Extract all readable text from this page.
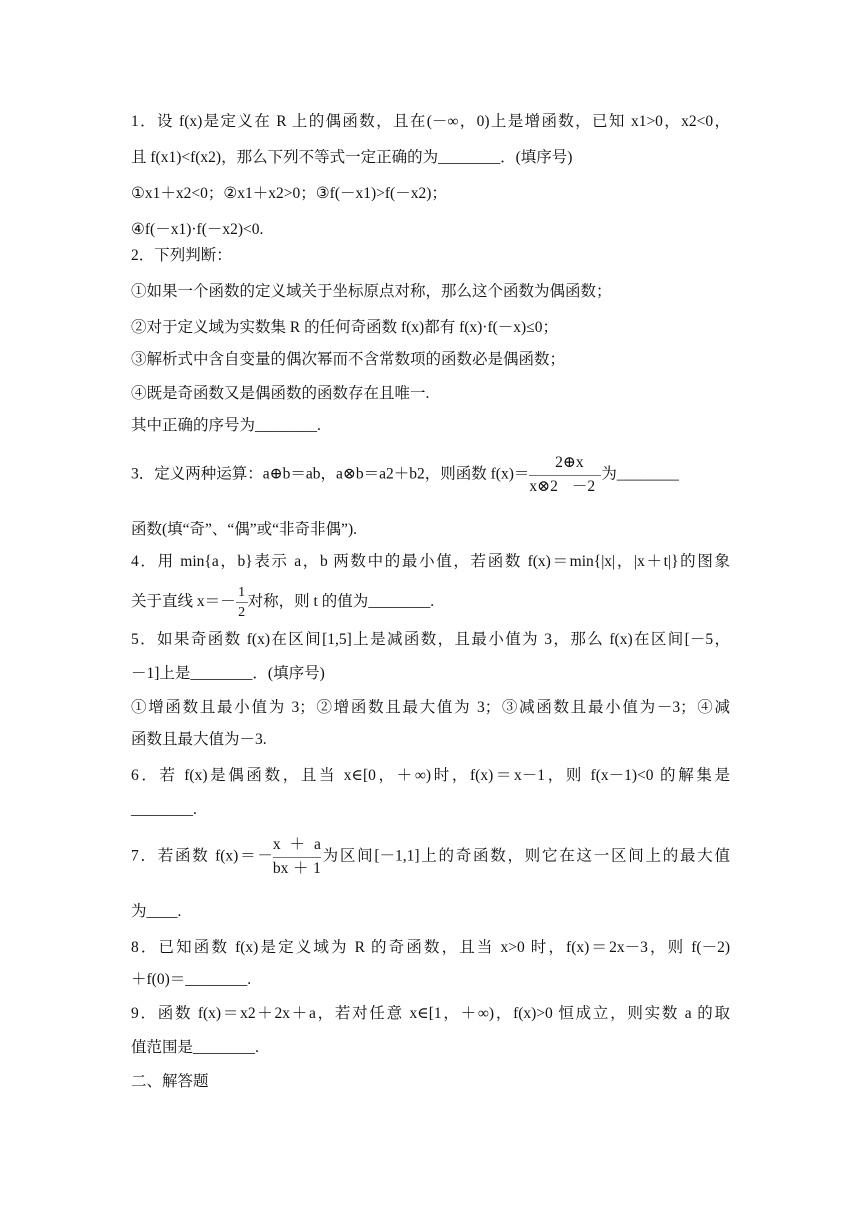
1．设 f(x)是定义在 R 上的偶函数，且在(－∞，0)上是增函数，已知 x1>0，x2<0，
且 f(x1)<f(x2)，那么下列不等式一定正确的为________．(填序号)
①x1＋x2<0；②x1＋x2>0；③f(－x1)>f(－x2)；
④f(－x1)·f(－x2)<0.
2．下列判断：
①如果一个函数的定义域关于坐标原点对称，那么这个函数为偶函数；
②对于定义域为实数集 R 的任何奇函数 f(x)都有 f(x)·f(－x)≤0；
③解析式中含自变量的偶次幂而不含常数项的函数必是偶函数；
④既是奇函数又是偶函数的函数存在且唯一.
其中正确的序号为________.
3．定义两种运算：a⊕b＝ab，a⊗b＝a2＋b2，则函数 $f(x)= \frac{2\oplus x}{x\otimes 2 -2}$ 为________
函数(填“奇”、“偶”或“非奇非偶”).
4．用 min{a，b}表示 a，b 两数中的最小值，若函数 f(x)＝min{|x|，|x＋t|}的图象
关于直线 $x=- \frac{1}{2}$ 对称，则 t 的值为________.
5．如果奇函数 f(x)在区间[1,5]上是减函数，且最小值为 3，那么 f(x)在区间[－5，
－1]上是________．(填序号)
①增函数且最小值为 3；②增函数且最大值为 3；③减函数且最小值为－3；④减
函数且最大值为－3.
6．若 f(x)是偶函数，且当 x∈[0，＋∞)时，f(x)＝x－1，则 f(x－1)<0 的解集是
________.
7．若函数 $f(x)=- \frac{x+a}{bx+1}$ 为区间[－1,1]上的奇函数，则它在这一区间上的最大值
为____.
8．已知函数 f(x)是定义域为 R 的奇函数，且当 x>0 时，f(x)＝2x－3，则 f(－2)
＋f(0)＝________.
9．函数 f(x)＝x2＋2x＋a，若对任意 x∈[1，＋∞)，f(x)>0 恒成立，则实数 a 的取
值范围是________.
二、解答题
